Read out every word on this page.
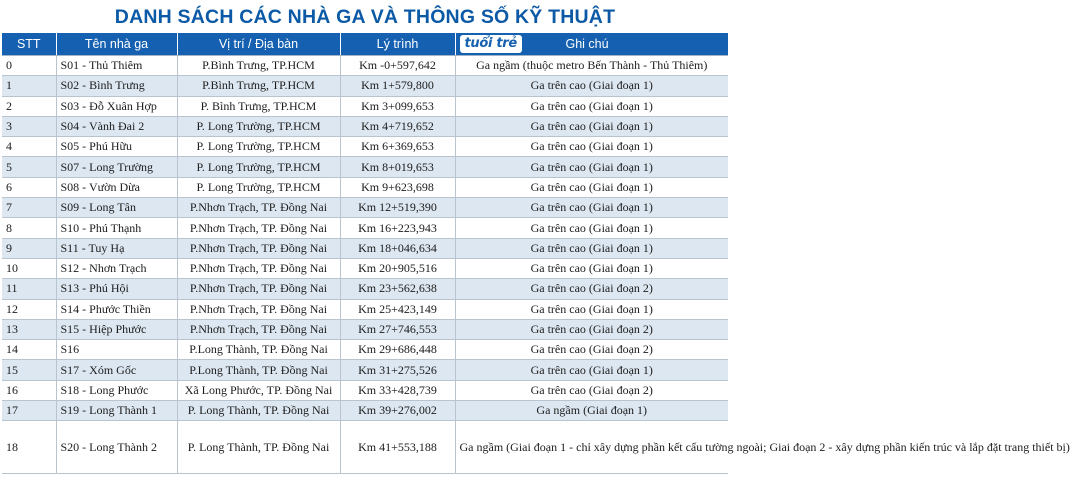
DANH SÁCH CÁC NHÀ GA VÀ THÔNG SỐ KỸ THUẬT
STT	Tên nhà ga	Vị trí / Địa bàn	Lý trình	tuổi trẻ Ghi chú

0	S01 - Thủ Thiêm	P.Bình Trưng, TP.HCM	Km -0+597,642	Ga ngầm (thuộc metro Bến Thành - Thủ Thiêm)
1	S02 - Bình Trưng	P.Bình Trưng, TP.HCM	Km 1+579,800	Ga trên cao (Giai đoạn 1)
2	S03 - Đỗ Xuân Hợp	P. Bình Trưng, TP.HCM	Km 3+099,653	Ga trên cao (Giai đoạn 1)
3	S04 - Vành Đai 2	P. Long Trường, TP.HCM	Km 4+719,652	Ga trên cao (Giai đoạn 1)
4	S05 - Phú Hữu	P. Long Trường, TP.HCM	Km 6+369,653	Ga trên cao (Giai đoạn 1)
5	S07 - Long Trường	P. Long Trường, TP.HCM	Km 8+019,653	Ga trên cao (Giai đoạn 1)
6	S08 - Vườn Dừa	P. Long Trường, TP.HCM	Km 9+623,698	Ga trên cao (Giai đoạn 1)
7	S09 - Long Tân	P.Nhơn Trạch, TP. Đồng Nai	Km 12+519,390	Ga trên cao (Giai đoạn 1)
8	S10 - Phú Thạnh	P.Nhơn Trạch, TP. Đồng Nai	Km 16+223,943	Ga trên cao (Giai đoạn 1)
9	S11 - Tuy Hạ	P.Nhơn Trạch, TP. Đồng Nai	Km 18+046,634	Ga trên cao (Giai đoạn 1)
10	S12 - Nhơn Trạch	P.Nhơn Trạch, TP. Đồng Nai	Km 20+905,516	Ga trên cao (Giai đoạn 1)
11	S13 - Phú Hội	P.Nhơn Trạch, TP. Đồng Nai	Km 23+562,638	Ga trên cao (Giai đoạn 2)
12	S14 - Phước Thiền	P.Nhơn Trạch, TP. Đồng Nai	Km 25+423,149	Ga trên cao (Giai đoạn 1)
13	S15 - Hiệp Phước	P.Nhơn Trạch, TP. Đồng Nai	Km 27+746,553	Ga trên cao (Giai đoạn 2)
14	S16	P.Long Thành, TP. Đồng Nai	Km 29+686,448	Ga trên cao (Giai đoạn 2)
15	S17 - Xóm Gốc	P.Long Thành, TP. Đồng Nai	Km 31+275,526	Ga trên cao (Giai đoạn 1)
16	S18 - Long Phước	Xã Long Phước, TP. Đồng Nai	Km 33+428,739	Ga trên cao (Giai đoạn 2)
17	S19 - Long Thành 1	P. Long Thành, TP. Đồng Nai	Km 39+276,002	Ga ngầm (Giai đoạn 1)
18	S20 - Long Thành 2	P. Long Thành, TP. Đồng Nai	Km 41+553,188	Ga ngầm (Giai đoạn 1 - chỉ xây dựng phần kết cấu tường ngoài; Giai đoạn 2 - xây dựng phần kiến trúc và lắp đặt trang thiết bị)
